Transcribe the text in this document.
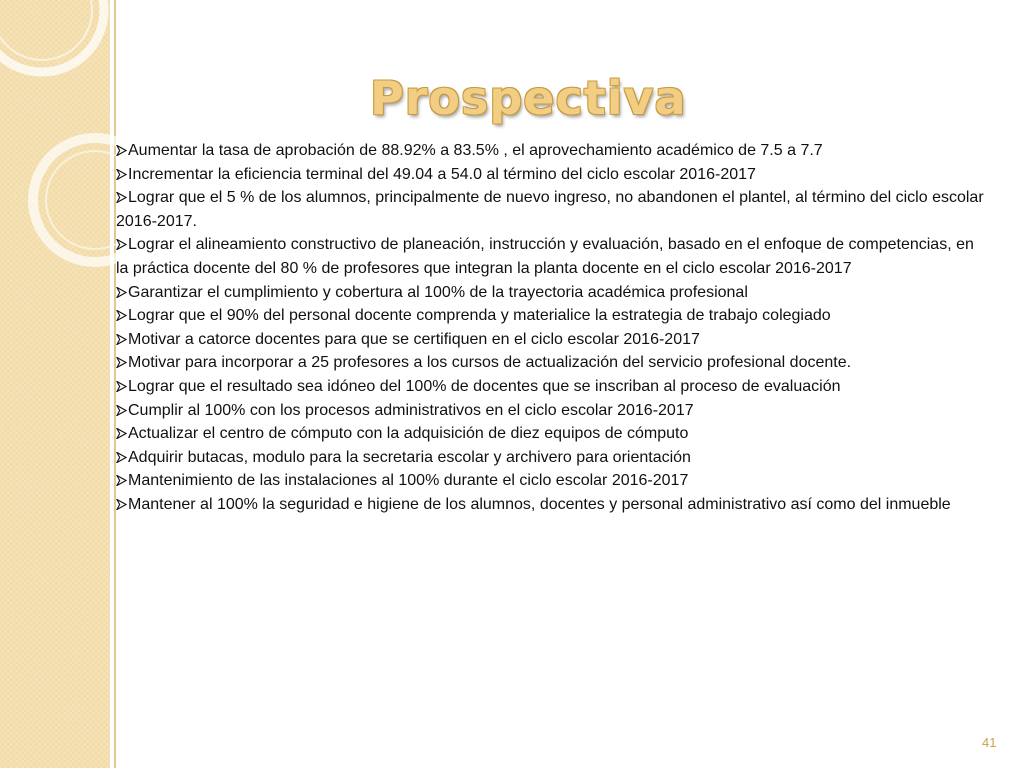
Prospectiva
Aumentar la tasa de aprobación de 88.92% a 83.5% , el aprovechamiento académico de 7.5 a 7.7
Incrementar la eficiencia terminal del 49.04 a 54.0 al término del ciclo escolar 2016-2017
Lograr que el 5 % de los alumnos, principalmente de nuevo ingreso, no abandonen el plantel, al término del ciclo escolar 2016-2017.
Lograr el alineamiento constructivo de planeación, instrucción y evaluación, basado en el enfoque de competencias, en la práctica docente del 80 % de profesores que integran la planta docente en el ciclo escolar 2016-2017
Garantizar el cumplimiento y cobertura al 100% de la trayectoria académica profesional
Lograr que el 90% del personal docente comprenda y materialice la estrategia de trabajo colegiado
Motivar a catorce docentes para que se certifiquen en el ciclo escolar 2016-2017
Motivar para incorporar a 25 profesores a los cursos de actualización del servicio profesional docente.
Lograr que el resultado sea idóneo del 100% de docentes que se inscriban al proceso de evaluación
Cumplir al 100% con los procesos administrativos en el ciclo escolar 2016-2017
Actualizar el centro de cómputo con la adquisición de diez equipos de cómputo
Adquirir butacas, modulo para la secretaria escolar y archivero para orientación
Mantenimiento de las instalaciones al 100% durante el ciclo escolar 2016-2017
Mantener al 100% la seguridad e higiene de los alumnos, docentes y personal administrativo así como del inmueble

41
